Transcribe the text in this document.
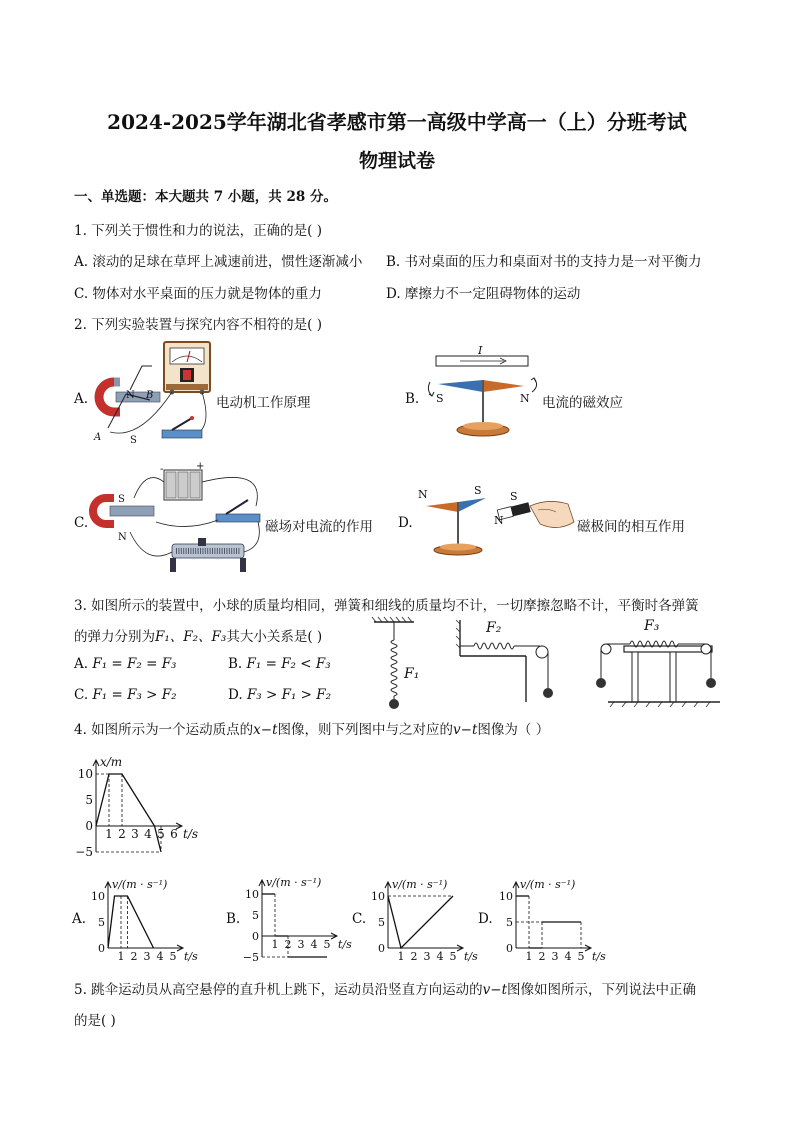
2024-2025学年湖北省孝感市第一高级中学高一（上）分班考试
物理试卷
一、单选题：本大题共 7 小题，共 28 分。
1. 下列关于惯性和力的说法，正确的是( )
A. 滚动的足球在草坪上减速前进，惯性逐渐减小 B. 书对桌面的压力和桌面对书的支持力是一对平衡力
C. 物体对水平桌面的压力就是物体的重力	D. 摩擦力不一定阻碍物体的运动
2. 下列实验装置与探究内容不相符的是( )
A.	电动机工作原理	B.	电流的磁效应
C.	磁场对电流的作用 D.	磁极间的相互作用
N
S
B
A
I
S	N
-	+
S
N
N	S	S
N
3. 如图所示的装置中，小球的质量均相同，弹簧和细线的质量均不计，一切摩擦忽略不计，平衡时各弹簧
的弹力分别为F₁、F₂、F₃其大小关系是( )
A. F₁ = F₂ = F₃	B. F₁ = F₂ < F₃
C. F₁ = F₃ > F₂	D. F₃ > F₁ > F₂
F₁
F₂	F₃
4. 如图所示为一个运动质点的x−t图像，则下列图中与之对应的v−t图像为（ ）
x/m
t/s
10
5
0
−5
1 2 3 4 5 6
A.	B.	C.	D.
v/(m · s⁻¹)
t/s
10
5
0
1 2 3 4 5
v/(m · s⁻¹)
t/s
10
5
0
−5
1 2 3 4 5
v/(m · s⁻¹)
t/s
10
5
0
1 2 3 4 5
v/(m · s⁻¹)
t/s
10
5
0
1 2 3 4 5
5. 跳伞运动员从高空悬停的直升机上跳下，运动员沿竖直方向运动的v−t图像如图所示，下列说法中正确
的是( )
